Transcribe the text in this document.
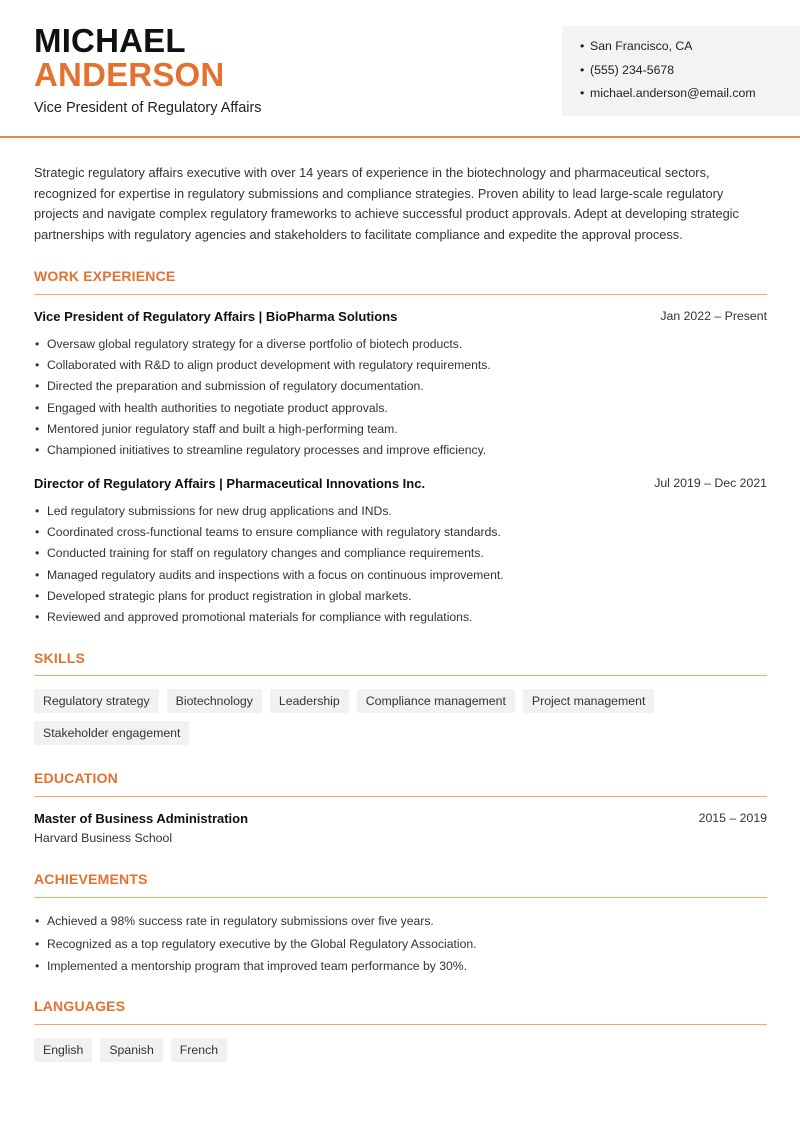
MICHAEL
ANDERSON
Vice President of Regulatory Affairs
• San Francisco, CA
• (555) 234-5678
• michael.anderson@email.com

Strategic regulatory affairs executive with over 14 years of experience in the biotechnology and pharmaceutical sectors, recognized for expertise in regulatory submissions and compliance strategies. Proven ability to lead large-scale regulatory projects and navigate complex regulatory frameworks to achieve successful product approvals. Adept at developing strategic partnerships with regulatory agencies and stakeholders to facilitate compliance and expedite the approval process.

WORK EXPERIENCE
Vice President of Regulatory Affairs | BioPharma Solutions	Jan 2022 – Present
• Oversaw global regulatory strategy for a diverse portfolio of biotech products.
• Collaborated with R&D to align product development with regulatory requirements.
• Directed the preparation and submission of regulatory documentation.
• Engaged with health authorities to negotiate product approvals.
• Mentored junior regulatory staff and built a high-performing team.
• Championed initiatives to streamline regulatory processes and improve efficiency.
Director of Regulatory Affairs | Pharmaceutical Innovations Inc.	Jul 2019 – Dec 2021
• Led regulatory submissions for new drug applications and INDs.
• Coordinated cross-functional teams to ensure compliance with regulatory standards.
• Conducted training for staff on regulatory changes and compliance requirements.
• Managed regulatory audits and inspections with a focus on continuous improvement.
• Developed strategic plans for product registration in global markets.
• Reviewed and approved promotional materials for compliance with regulations.
SKILLS
Regulatory strategy	Biotechnology	Leadership	Compliance management	Project management
Stakeholder engagement
EDUCATION
Master of Business Administration	2015 – 2019
Harvard Business School
ACHIEVEMENTS
• Achieved a 98% success rate in regulatory submissions over five years.
• Recognized as a top regulatory executive by the Global Regulatory Association.
• Implemented a mentorship program that improved team performance by 30%.
LANGUAGES
English	Spanish	French
